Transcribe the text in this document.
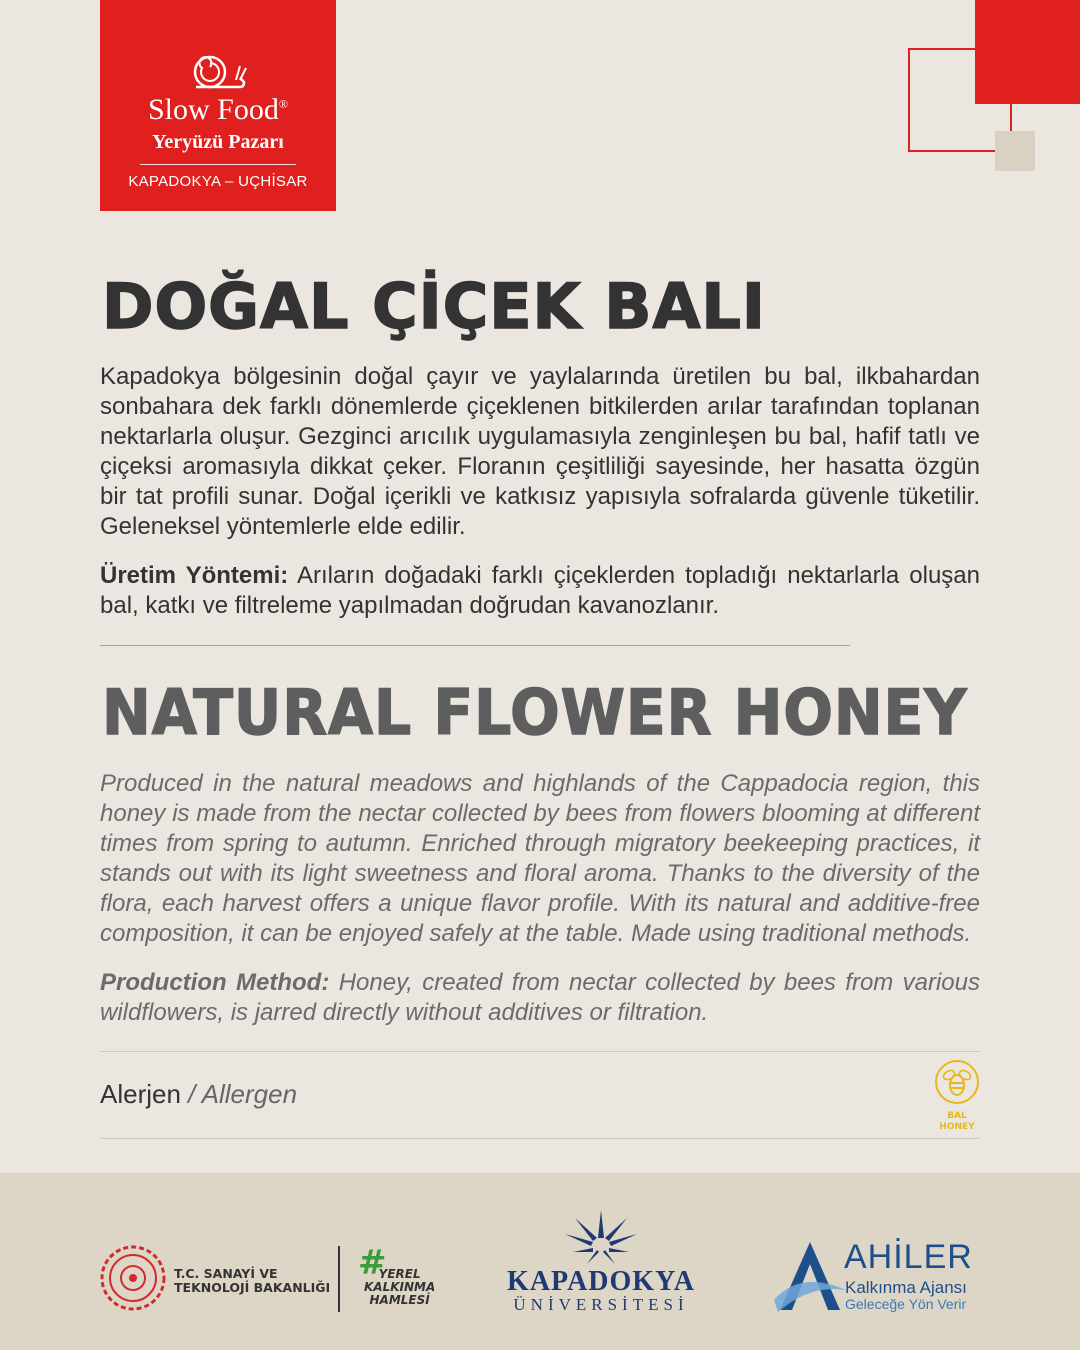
Slow Food®
Yeryüzü Pazarı
KAPADOKYA – UÇHİSAR
DOĞAL ÇİÇEK BALI

Kapadokya bölgesinin doğal çayır ve yaylalarında üretilen bu bal, ilkbahardan sonbahara dek farklı dönemlerde çiçeklenen bitkilerden arılar tarafından toplanan nektarlarla oluşur. Gezginci arıcılık uygulamasıyla zenginleşen bu bal, hafif tatlı ve çiçeksi aromasıyla dikkat çeker. Floranın çeşitliliği sayesinde, her hasatta özgün bir tat profili sunar. Doğal içerikli ve katkısız yapısıyla sofralarda güvenle tüketilir. Geleneksel yöntemlerle elde edilir.

Üretim Yöntemi: Arıların doğadaki farklı çiçeklerden topladığı nektarlarla oluşan bal, katkı ve filtreleme yapılmadan doğrudan kavanozlanır.

NATURAL FLOWER HONEY

Produced in the natural meadows and highlands of the Cappadocia region, this honey is made from the nectar collected by bees from flowers blooming at different times from spring to autumn. Enriched through migratory beekeeping practices, it stands out with its light sweetness and floral aroma. Thanks to the diversity of the flora, each harvest offers a unique flavor profile. With its natural and additive-free composition, it can be enjoyed safely at the table. Made using traditional methods.

Production Method: Honey, created from nectar collected by bees from various wildflowers, is jarred directly without additives or filtration.

Alerjen / Allergen
BAL
HONEY
T.C. SANAYİ VE
TEKNOLOJİ BAKANLIĞI
#
YEREL
KALKINMA
HAMLESİ
KAPADOKYA
ÜNİVERSİTESİ
AHİLER
Kalkınma Ajansı
Geleceğe Yön Verir
